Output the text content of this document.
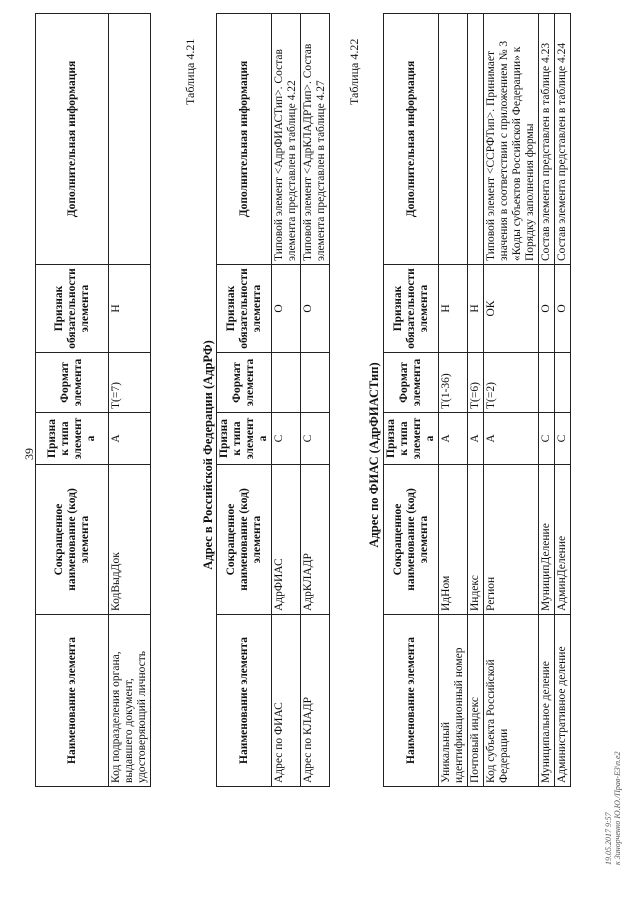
39
Наименование элемента	Сокращенное наименование (код) элемента	Признак типа элемента	Формат элемента	Признак обязательности элемента	Дополнительная информация
Код подразделения органа, выдавшего документ, удостоверяющий личность	КодВыдДок	А	T(=7)	Н	
Таблица 4.21
Адрес в Российской Федерации (АдрРФ)
Наименование элемента	Сокращенное наименование (код) элемента	Признак типа элемента	Формат элемента	Признак обязательности элемента	Дополнительная информация
Адрес по ФИАС	АдрФИАС	С		О	Типовой элемент <АдрФИАСТип>. Состав элемента представлен в таблице 4.22
Адрес по КЛАДР	АдрКЛАДР	С		О	Типовой элемент <АдрКЛАДРТип>. Состав элемента представлен в таблице 4.27
Таблица 4.22
Адрес по ФИАС (АдрФИАСТип)
Наименование элемента	Сокращенное наименование (код) элемента	Признак типа элемента	Формат элемента	Признак обязательности элемента	Дополнительная информация
Уникальный идентификационный номер	ИдНом	А	T(1-36)	Н	
Почтовый индекс	Индекс	А	T(=6)	Н	
Код субъекта Российской Федерации	Регион	А	T(=2)	ОК	Типовой элемент <ССРФТип>. Принимает значения в соответствии с приложением № 3 «Коды субъектов Российской Федерации» к Порядку заполнения формы
Муниципальное деление	МуниципДеление	С		О	Состав элемента представлен в таблице 4.23
Административное деление	АдминДеление	С		О	Состав элемента представлен в таблице 4.24
19.05.2017 9:57 к Зинорченко Ю.Ю./Прав-ЕЗ\n.е2
